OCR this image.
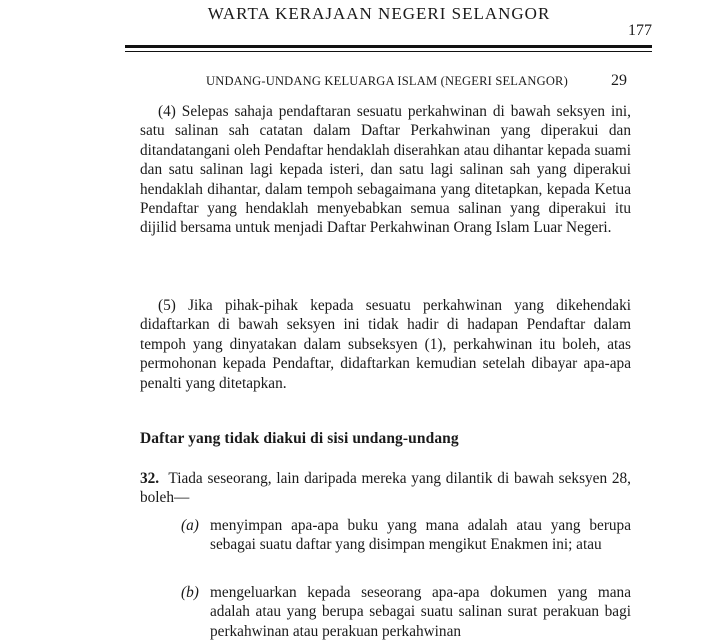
WARTA KERAJAAN NEGERI SELANGOR
177
UNDANG-UNDANG KELUARGA ISLAM (NEGERI SELANGOR)	29

(4) Selepas sahaja pendaftaran sesuatu perkahwinan di bawah seksyen ini, satu salinan sah catatan dalam Daftar Perkahwinan yang diperakui dan ditandatangani oleh Pendaftar hendaklah diserahkan atau dihantar kepada suami dan satu salinan lagi kepada isteri, dan satu lagi salinan sah yang diperakui hendaklah dihantar, dalam tempoh sebagaimana yang ditetapkan, kepada Ketua Pendaftar yang hendaklah menyebabkan semua salinan yang diperakui itu dijilid bersama untuk menjadi Daftar Perkahwinan Orang Islam Luar Negeri.

(5) Jika pihak-pihak kepada sesuatu perkahwinan yang dikehendaki didaftarkan di bawah seksyen ini tidak hadir di hadapan Pendaftar dalam tempoh yang dinyatakan dalam subseksyen (1), perkahwinan itu boleh, atas permohonan kepada Pendaftar, didaftarkan kemudian setelah dibayar apa-apa penalti yang ditetapkan.

Daftar yang tidak diakui di sisi undang-undang

32. Tiada seseorang, lain daripada mereka yang dilantik di bawah seksyen 28, boleh—

(a) menyimpan apa-apa buku yang mana adalah atau yang berupa sebagai suatu daftar yang disimpan mengikut Enakmen ini; atau
(b) mengeluarkan kepada seseorang apa-apa dokumen yang mana adalah atau yang berupa sebagai suatu salinan surat perakuan bagi perkahwinan atau perakuan perkahwinan
